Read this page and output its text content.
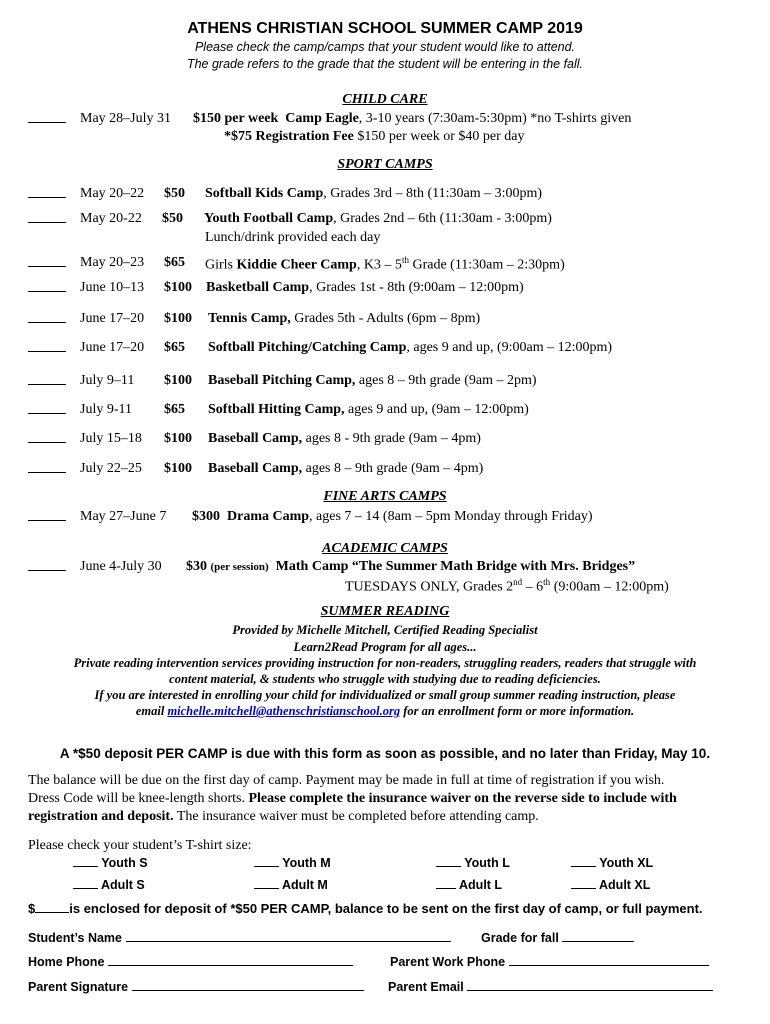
ATHENS CHRISTIAN SCHOOL SUMMER CAMP 2019
Please check the camp/camps that your student would like to attend.
The grade refers to the grade that the student will be entering in the fall.
CHILD CARE
May 28–July 31 $150 per week Camp Eagle, 3-10 years (7:30am-5:30pm) *no T-shirts given
*$75 Registration Fee $150 per week or $40 per day
SPORT CAMPS
May 20–22 $50 Softball Kids Camp, Grades 3rd – 8th (11:30am – 3:00pm)
May 20-22 $50 Youth Football Camp, Grades 2nd – 6th (11:30am - 3:00pm)
Lunch/drink provided each day
May 20–23 $65 Girls Kiddie Cheer Camp, K3 – 5th Grade (11:30am – 2:30pm)
June 10–13 $100 Basketball Camp, Grades 1st - 8th (9:00am – 12:00pm)
June 17–20 $100 Tennis Camp, Grades 5th - Adults (6pm – 8pm)
June 17–20 $65 Softball Pitching/Catching Camp, ages 9 and up, (9:00am – 12:00pm)
July 9–11 $100 Baseball Pitching Camp, ages 8 – 9th grade (9am – 2pm)
July 9-11 $65 Softball Hitting Camp, ages 9 and up, (9am – 12:00pm)
July 15–18 $100 Baseball Camp, ages 8 - 9th grade (9am – 4pm)
July 22–25 $100 Baseball Camp, ages 8 – 9th grade (9am – 4pm)
FINE ARTS CAMPS
May 27–June 7 $300 Drama Camp, ages 7 – 14 (8am – 5pm Monday through Friday)
ACADEMIC CAMPS
June 4-July 30 $30 (per session) Math Camp “The Summer Math Bridge with Mrs. Bridges”
TUESDAYS ONLY, Grades 2nd – 6th (9:00am – 12:00pm)
SUMMER READING
Provided by Michelle Mitchell, Certified Reading Specialist
Learn2Read Program for all ages...
Private reading intervention services providing instruction for non-readers, struggling readers, readers that struggle with
content material, & students who struggle with studying due to reading deficiencies.
If you are interested in enrolling your child for individualized or small group summer reading instruction, please
email michelle.mitchell@athenschristianschool.org for an enrollment form or more information.
A *$50 deposit PER CAMP is due with this form as soon as possible, and no later than Friday, May 10.
The balance will be due on the first day of camp. Payment may be made in full at time of registration if you wish.
Dress Code will be knee-length shorts. Please complete the insurance waiver on the reverse side to include with
registration and deposit. The insurance waiver must be completed before attending camp.
Please check your student’s T-shirt size:
Youth S	Youth M	Youth L	Youth XL
Adult S	Adult M	Adult L	Adult XL
$	is enclosed for deposit of *$50 PER CAMP, balance to be sent on the first day of camp, or full payment.
Student’s Name	Grade for fall
Home Phone	Parent Work Phone
Parent Signature	Parent Email
